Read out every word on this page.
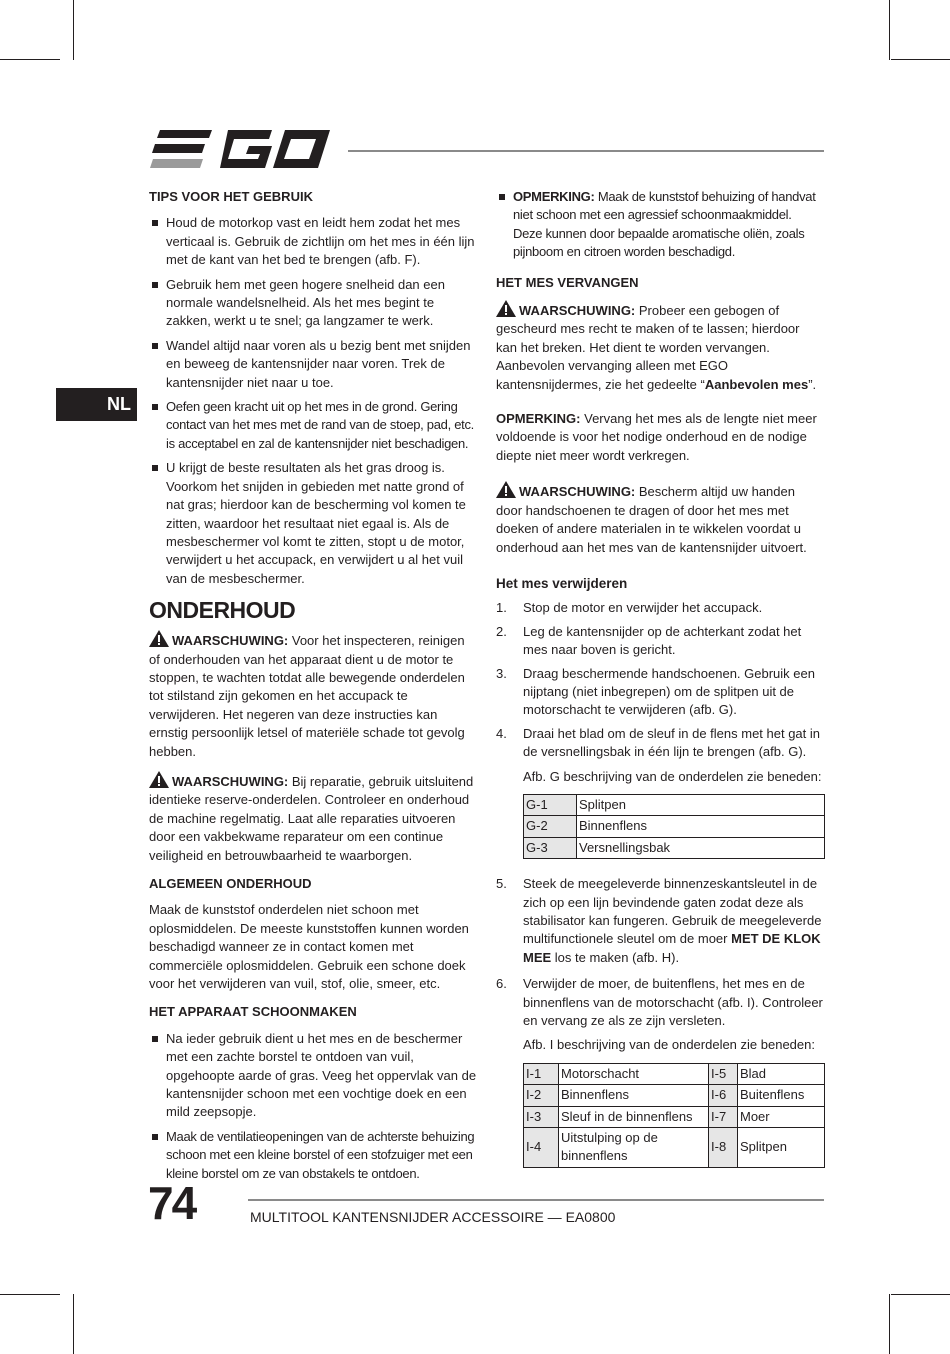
NL
TIPS VOOR HET GEBRUIK
Houd de motorkop vast en leidt hem zodat het mes verticaal is. Gebruik de zichtlijn om het mes in één lijn met de kant van het bed te brengen (afb. F).
Gebruik hem met geen hogere snelheid dan een normale wandelsnelheid. Als het mes begint te zakken, werkt u te snel; ga langzamer te werk.
Wandel altijd naar voren als u bezig bent met snijden en beweeg de kantensnijder naar voren. Trek de kantensnijder niet naar u toe.
Oefen geen kracht uit op het mes in de grond. Gering contact van het mes met de rand van de stoep, pad, etc. is acceptabel en zal de kantensnijder niet beschadigen.
U krijgt de beste resultaten als het gras droog is. Voorkom het snijden in gebieden met natte grond of nat gras; hierdoor kan de bescherming vol komen te zitten, waardoor het resultaat niet egaal is. Als de mesbeschermer vol komt te zitten, stopt u de motor, verwijdert u het accupack, en verwijdert u al het vuil van de mesbeschermer.
ONDERHOUD

WAARSCHUWING: Voor het inspecteren, reinigen of onderhouden van het apparaat dient u de motor te stoppen, te wachten totdat alle bewegende onderdelen tot stilstand zijn gekomen en het accupack te verwijderen. Het negeren van deze instructies kan ernstig persoonlijk letsel of materiële schade tot gevolg hebben.

WAARSCHUWING: Bij reparatie, gebruik uitsluitend identieke reserve-onderdelen. Controleer en onderhoud de machine regelmatig. Laat alle reparaties uitvoeren door een vakbekwame reparateur om een continue veiligheid en betrouwbaarheid te waarborgen.

ALGEMEEN ONDERHOUD

Maak de kunststof onderdelen niet schoon met oplosmiddelen. De meeste kunststoffen kunnen worden beschadigd wanneer ze in contact komen met commerciële oplosmiddelen. Gebruik een schone doek voor het verwijderen van vuil, stof, olie, smeer, etc.

HET APPARAAT SCHOONMAKEN
Na ieder gebruik dient u het mes en de beschermer met een zachte borstel te ontdoen van vuil, opgehoopte aarde of gras. Veeg het oppervlak van de kantensnijder schoon met een vochtige doek en een mild zeepsopje.
Maak de ventilatieopeningen van de achterste behuizing schoon met een kleine borstel of een stofzuiger met een kleine borstel om ze van obstakels te ontdoen.
OPMERKING: Maak de kunststof behuizing of handvat niet schoon met een agressief schoonmaakmiddel. Deze kunnen door bepaalde aromatische oliën, zoals pijnboom en citroen worden beschadigd.
HET MES VERVANGEN

WAARSCHUWING: Probeer een gebogen of gescheurd mes recht te maken of te lassen; hierdoor kan het breken. Het dient te worden vervangen. Aanbevolen vervanging alleen met EGO kantensnijdermes, zie het gedeelte “Aanbevolen mes”.

OPMERKING: Vervang het mes als de lengte niet meer voldoende is voor het nodige onderhoud en de nodige diepte niet meer wordt verkregen.

WAARSCHUWING: Bescherm altijd uw handen door handschoenen te dragen of door het mes met doeken of andere materialen in te wikkelen voordat u onderhoud aan het mes van de kantensnijder uitvoert.

Het mes verwijderen
1. Stop de motor en verwijder het accupack.
2. Leg de kantensnijder op de achterkant zodat het mes naar boven is gericht.
3. Draag beschermende handschoenen. Gebruik een nijptang (niet inbegrepen) om de splitpen uit de motorschacht te verwijderen (afb. G).
4. Draai het blad om de sleuf in de flens met het gat in de versnellingsbak in één lijn te brengen (afb. G).
Afb. G beschrijving van de onderdelen zie beneden:
G-1	Splitpen
G-2	Binnenflens
G-3	Versnellingsbak
5. Steek de meegeleverde binnenzeskantsleutel in de zich op een lijn bevindende gaten zodat deze als stabilisator kan fungeren. Gebruik de meegeleverde multifunctionele sleutel om de moer MET DE KLOK MEE los te maken (afb. H).
6. Verwijder de moer, de buitenflens, het mes en de binnenflens van de motorschacht (afb. I). Controleer en vervang ze als ze zijn versleten.
Afb. I beschrijving van de onderdelen zie beneden:
I-1	Motorschacht	I-5	Blad
I-2	Binnenflens	I-6	Buitenflens
I-3	Sleuf in de binnenflens	I-7	Moer
I-4	Uitstulping op de binnenflens	I-8	Splitpen
74	MULTITOOL KANTENSNIJDER ACCESSOIRE — EA0800
